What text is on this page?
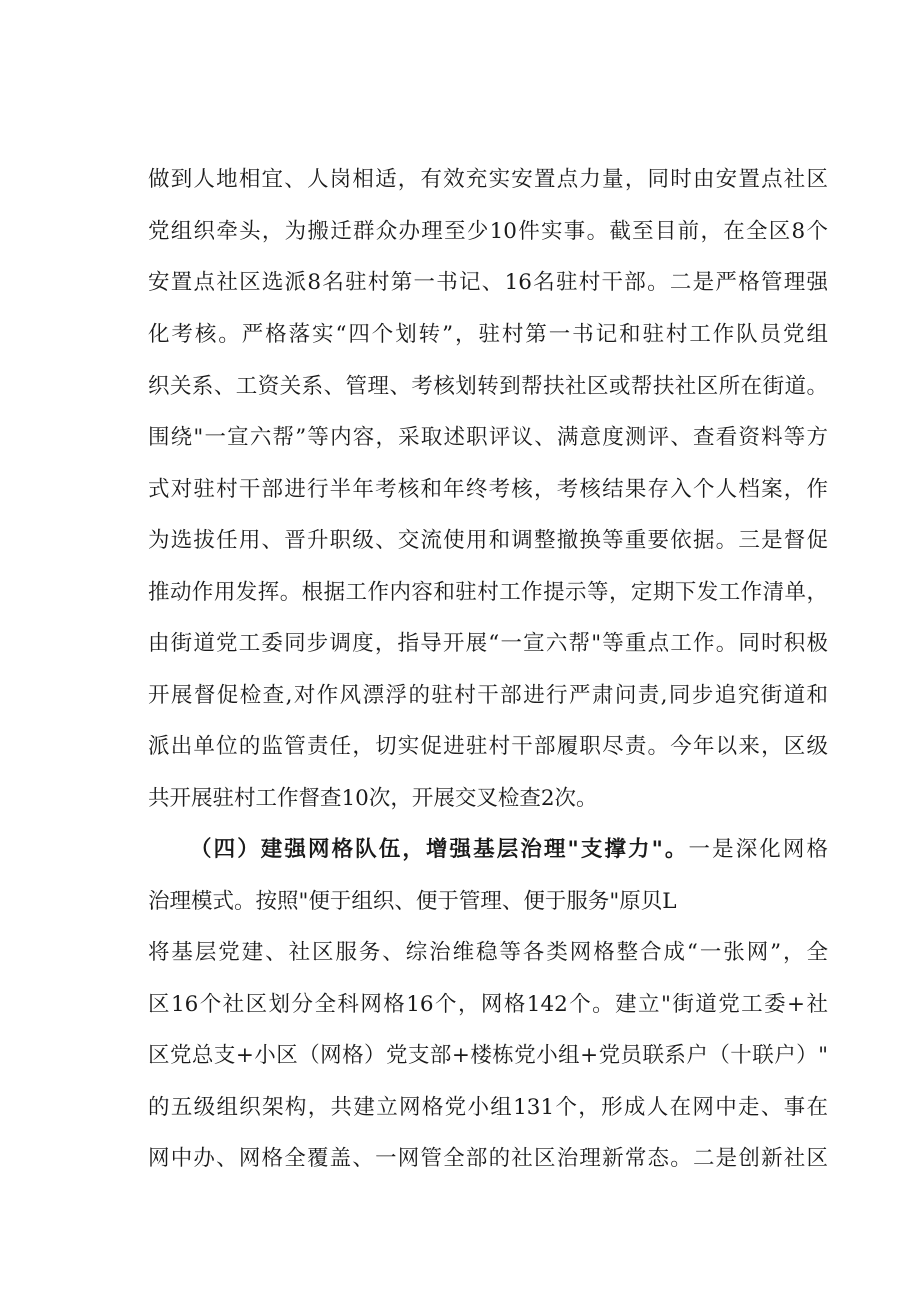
做到人地相宜、人岗相适，有效充实安置点力量，同时由安置点社区
党组织牵头，为搬迁群众办理至少10件实事。截至目前，在全区8个
安置点社区选派8名驻村第一书记、16名驻村干部。二是严格管理强
化考核。严格落实“四个划转”，驻村第一书记和驻村工作队员党组
织关系、工资关系、管理、考核划转到帮扶社区或帮扶社区所在街道。
围绕"一宣六帮”等内容，采取述职评议、满意度测评、查看资料等方
式对驻村干部进行半年考核和年终考核，考核结果存入个人档案，作
为选拔任用、晋升职级、交流使用和调整撤换等重要依据。三是督促
推动作用发挥。根据工作内容和驻村工作提示等，定期下发工作清单，
由街道党工委同步调度，指导开展“一宣六帮"等重点工作。同时积极
开展督促检查,对作风漂浮的驻村干部进行严肃问责,同步追究街道和
派出单位的监管责任，切实促进驻村干部履职尽责。今年以来，区级
共开展驻村工作督查10次，开展交叉检查2次。
（四）建强网格队伍，增强基层治理"支撑力"。一是深化网格
治理模式。按照"便于组织、便于管理、便于服务"原贝L
将基层党建、社区服务、综治维稳等各类网格整合成“一张网”，全
区16个社区划分全科网格16个，网格142个。建立"街道党工委+社
区党总支+小区（网格）党支部+楼栋党小组+党员联系户（十联户）"
的五级组织架构，共建立网格党小组131个，形成人在网中走、事在
网中办、网格全覆盖、一网管全部的社区治理新常态。二是创新社区
